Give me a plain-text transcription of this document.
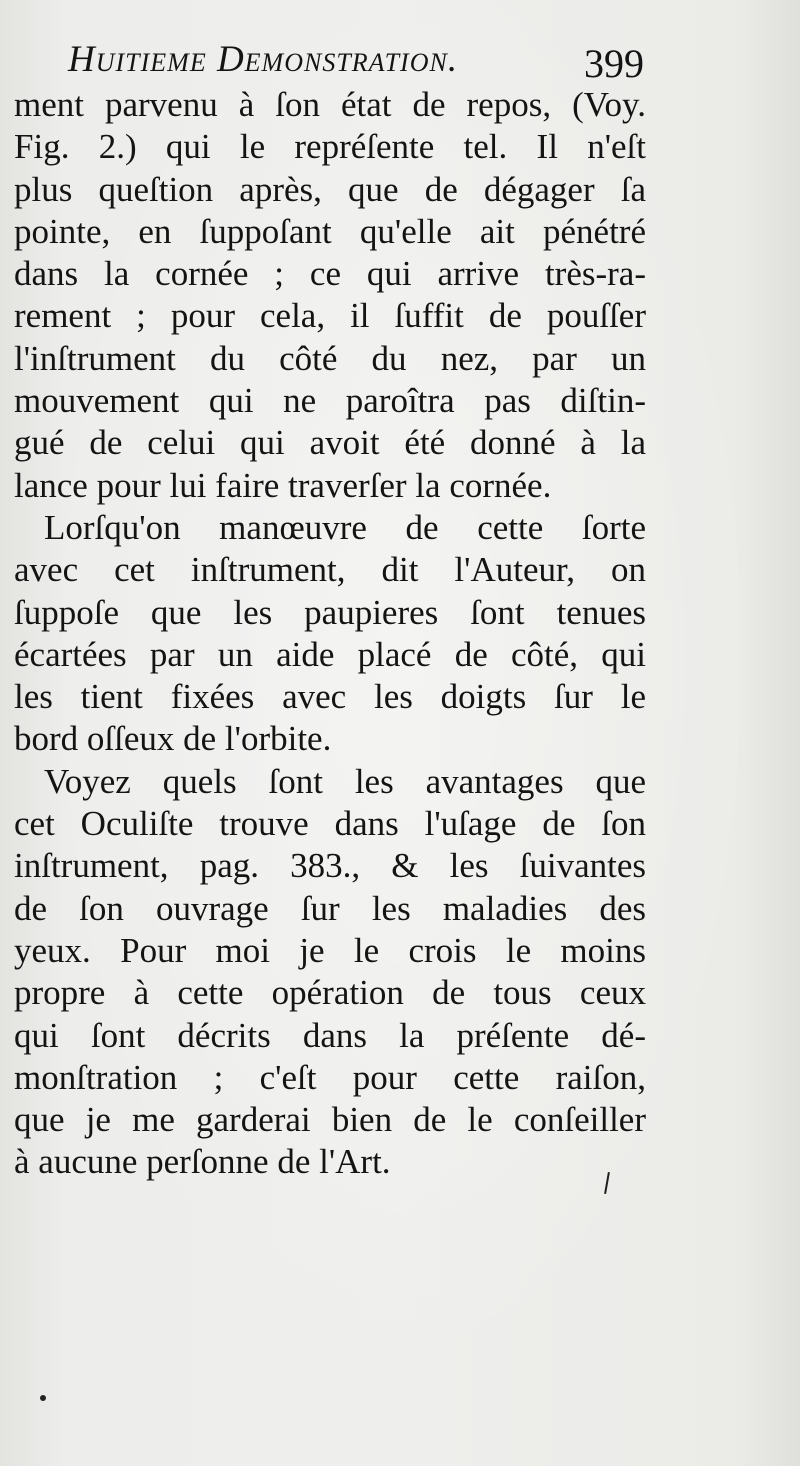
Huitieme Demonstration.	399
ment parvenu à ſon état de repos, (Voy.
Fig. 2.) qui le repréſente tel. Il n'eſt
plus queſtion après, que de dégager ſa
pointe, en ſuppoſant qu'elle ait pénétré
dans la cornée ; ce qui arrive très-ra-
rement ; pour cela, il ſuffit de pouſſer
l'inſtrument du côté du nez, par un
mouvement qui ne paroîtra pas diſtin-
gué de celui qui avoit été donné à la
lance pour lui faire traverſer la cornée.
Lorſqu'on manœuvre de cette ſorte
avec cet inſtrument, dit l'Auteur, on
ſuppoſe que les paupieres ſont tenues
écartées par un aide placé de côté, qui
les tient fixées avec les doigts ſur le
bord oſſeux de l'orbite.
Voyez quels ſont les avantages que
cet Oculiſte trouve dans l'uſage de ſon
inſtrument, pag. 383., & les ſuivantes
de ſon ouvrage ſur les maladies des
yeux. Pour moi je le crois le moins
propre à cette opération de tous ceux
qui ſont décrits dans la préſente dé-
monſtration ; c'eſt pour cette raiſon,
que je me garderai bien de le conſeiller
à aucune perſonne de l'Art.
